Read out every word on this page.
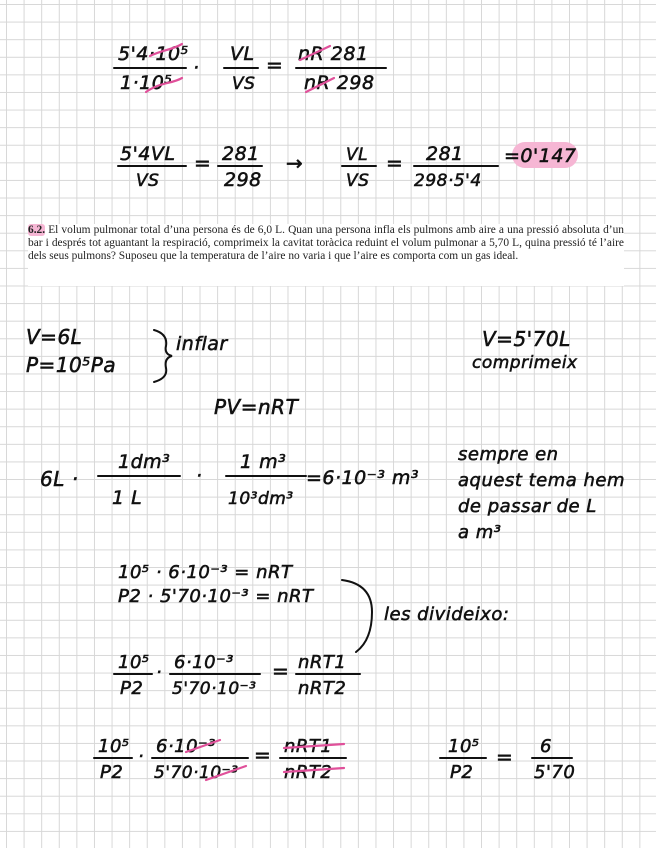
5'4·10⁵
1·10⁵
·
VL
VS
= nR 281
nR 298
5'4VL
VS
= 281
298
→	VL
VS
= 281
298·5'4
=0'147
V=6L
P=10⁵Pa
inflar	V=5'70L
comprimeix
PV=nRT
6L ·
1dm³
1 L
·
1 m³
10³dm³
=6·10⁻³ m³
sempre en
aquest tema hem
de passar de L
a m³
10⁵ · 6·10⁻³ = nRT
P2 · 5'70·10⁻³ = nRT
les divideixo:
10⁵
P2
· 6·10⁻³
5'70·10⁻³
= nRT1
nRT2
10⁵
P2
· 6·10⁻³
5'70·10⁻³
= nRT1
nRT2
10⁵
P2
= 6
5'70

6.2. El volum pulmonar total d’una persona és de 6,0 L. Quan una persona infla els pulmons amb aire a una pressió absoluta d’un bar i després tot aguantant la respiració, comprimeix la cavitat toràcica reduint el volum pulmonar a 5,70 L, quina pressió té l’aire dels seus pulmons? Suposeu que la temperatura de l’aire no varia i que l’aire es comporta com un gas ideal.
